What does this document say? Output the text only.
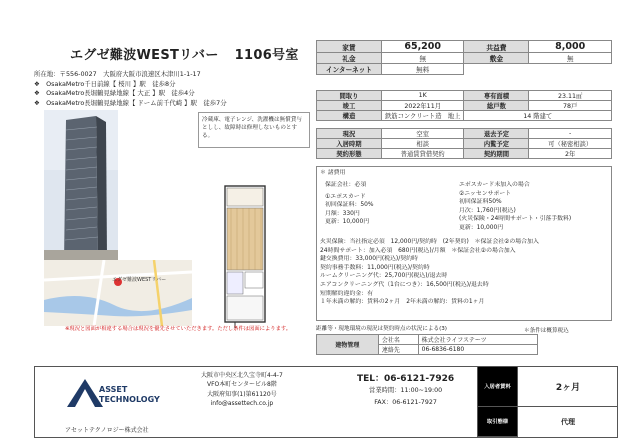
エグゼ難波WESTリバー 1106号室
所在地：〒556-0027　大阪府大阪市浪速区木津川1-1-17
❖　OsakaMetro千日前線【 桜川 】駅　徒歩8分
❖　OsakaMetro長堀鶴見緑地線【 大正 】駅　徒歩4分
❖　OsakaMetro長堀鶴見緑地線【 ドーム前千代崎 】駅　徒歩7分
エグゼ難波WESTリバー
冷蔵庫、電子レンジ、洗濯機は無償貸与としし、故障時は修理しないものとする。
※現況と図面が相違する場合は現況を優先させていただきます。ただし条件は図面によります。
家賃	65,200	共益費	8,000
礼金	無	敷金	無
インターネット	無料		
間取り	1K	専有面積	23.11㎡
竣工	2022年11月	総戸数	78戸
構造	鉄筋コンクリート造　地上	14 階建て	
現況	空室	退去予定	-
入居時期	相談	内覧予定	可（秘密相談）
契約形態	普通賃貸借契約	契約期間	2年
＊ 諸費用
保証会社：必須
①エポスカード
初回保証料：50%
月額：330円
更新：10,000円
エポスカード未加入の場合
②ニッセンサポート
初回保証料50%
月次：1,760円(税込)
(火災保険・24時間サポート・引落手数料)
更新：10,000円
火災保険：当社指定必須　12,000円/契約時　(2年契約)　＊保証会社②の場合加入
24時間サポート：加入必須　680円(税込)/月額　＊保証会社②の場合加入
鍵交換費用：33,000円(税込)/契約時
契約事務手数料：11,000円(税込)/契約時
ルームクリーニング代：25,700円(税込)/退去時
エアコンクリーニング代（1台につき）：16,500円(税込)/退去時
短期解約違約金：有
１年未満の解約：賃料の2ヶ月　2年未満の解約：賃料の1ヶ月
距離等・現地環境の現況は契約時点の状況による(3)
建物管理	会社名	株式会社ライフステーツ
	連絡先	06-6836-6180
＊条件は概算税込
ASSET
TECHNOLOGY
アセットテクノロジー株式会社
大阪市中央区北久宝寺町4-4-7
VFO本町センタービル8階
大阪府知事(1)第61120号
info@assettech.co.jp
TEL：06-6121-7926
営業時間：11:00~19:00
FAX：06-6121-7927
入居者賃料	2ヶ月
取引態様	代理
